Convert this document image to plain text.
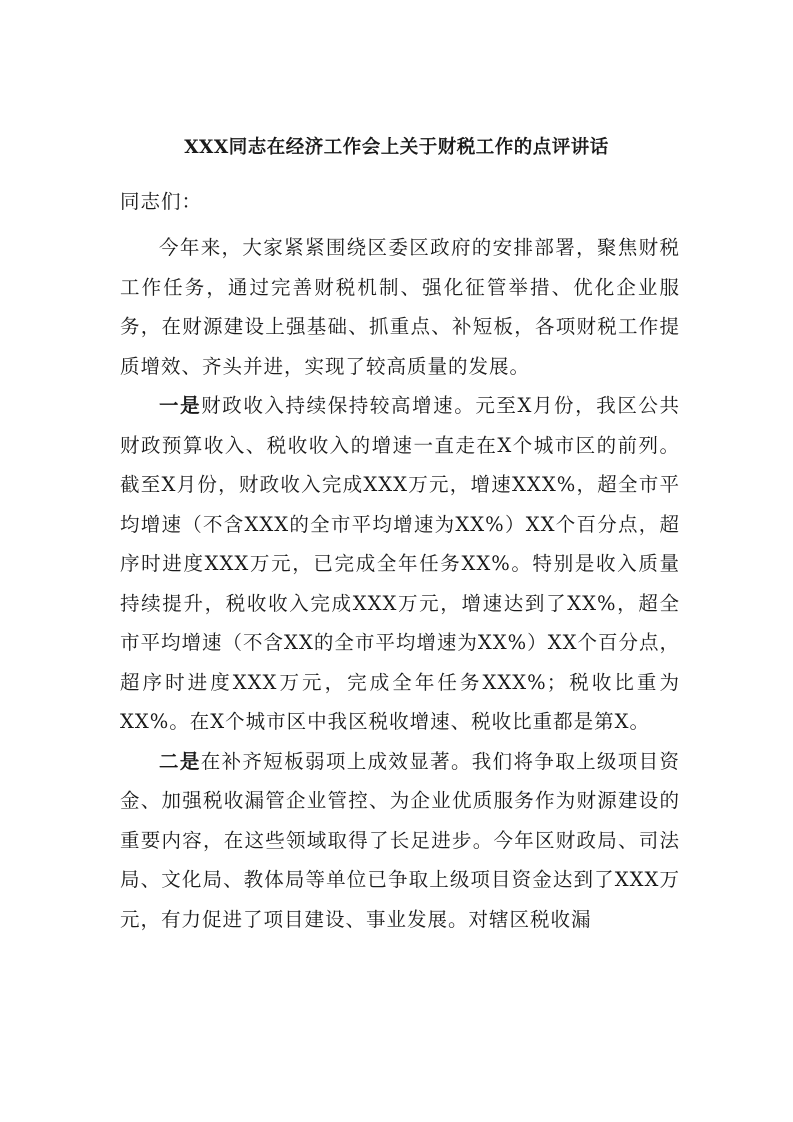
XXX同志在经济工作会上关于财税工作的点评讲话

同志们：

今年来，大家紧紧围绕区委区政府的安排部署，聚焦财税工作任务，通过完善财税机制、强化征管举措、优化企业服务，在财源建设上强基础、抓重点、补短板，各项财税工作提质增效、齐头并进，实现了较高质量的发展。

一是财政收入持续保持较高增速。元至X月份，我区公共财政预算收入、税收收入的增速一直走在X个城市区的前列。截至X月份，财政收入完成XXX万元，增速XXX%，超全市平均增速（不含XXX的全市平均增速为XX%）XX个百分点，超序时进度XXX万元，已完成全年任务XX%。特别是收入质量持续提升，税收收入完成XXX万元，增速达到了XX%，超全市平均增速（不含XX的全市平均增速为XX%）XX个百分点，超序时进度XXX万元，完成全年任务XXX%；税收比重为XX%。在X个城市区中我区税收增速、税收比重都是第X。

二是在补齐短板弱项上成效显著。我们将争取上级项目资金、加强税收漏管企业管控、为企业优质服务作为财源建设的重要内容，在这些领域取得了长足进步。今年区财政局、司法局、文化局、教体局等单位已争取上级项目资金达到了XXX万元，有力促进了项目建设、事业发展。对辖区税收漏
